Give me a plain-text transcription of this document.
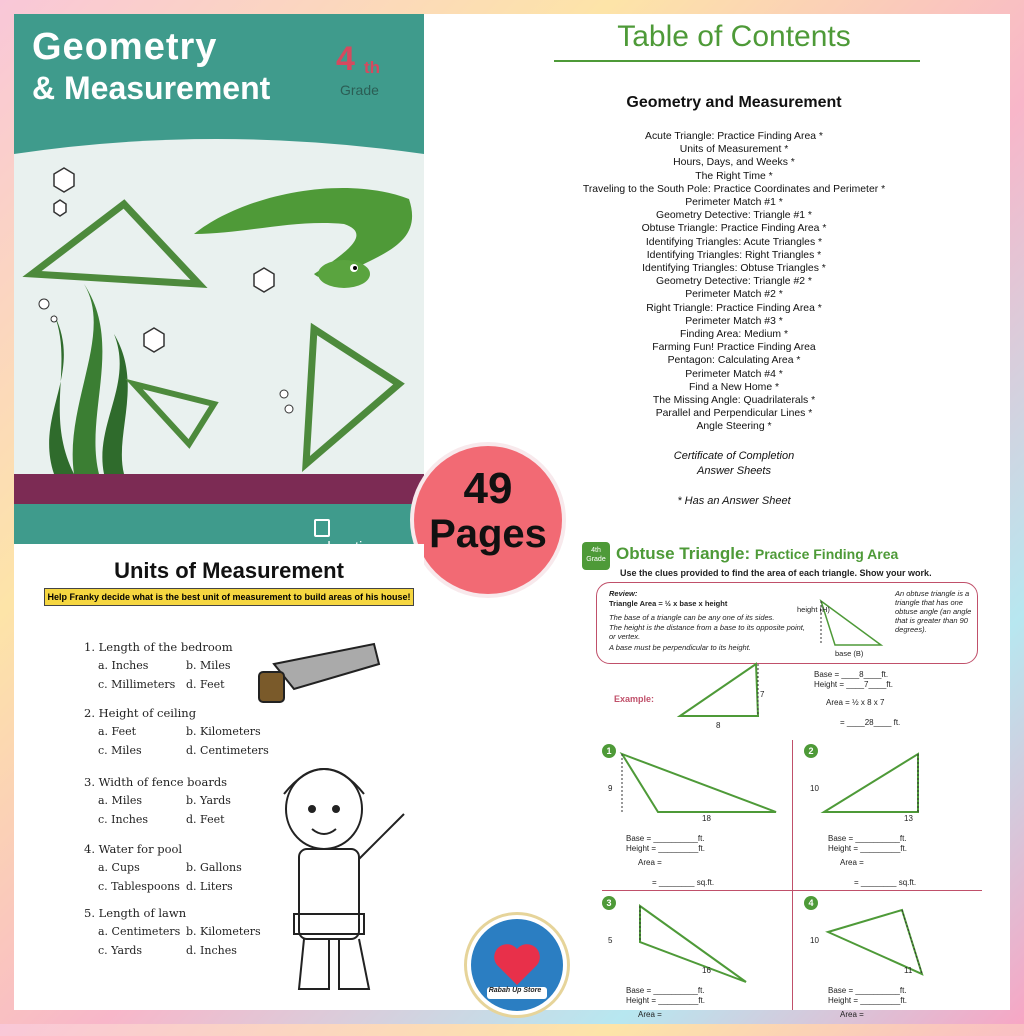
Geometry
& Measurement
4 th
Grade
Table of Contents
Geometry and Measurement
Acute Triangle: Practice Finding Area *
Units of Measurement *
Hours, Days, and Weeks *
The Right Time *
Traveling to the South Pole: Practice Coordinates and Perimeter *
Perimeter Match #1 *
Geometry Detective: Triangle #1 *
Obtuse Triangle: Practice Finding Area *
Identifying Triangles: Acute Triangles *
Identifying Triangles: Right Triangles *
Identifying Triangles: Obtuse Triangles *
Geometry Detective: Triangle #2 *
Perimeter Match #2 *
Right Triangle: Practice Finding Area *
Perimeter Match #3 *
Finding Area: Medium *
Farming Fun! Practice Finding Area
Pentagon: Calculating Area *
Perimeter Match #4 *
Find a New Home *
The Missing Angle: Quadrilaterals *
Parallel and Perpendicular Lines *
Angle Steering *
Certificate of Completion
Answer Sheets
* Has an Answer Sheet
49
Pages
Units of Measurement
Help Franky decide what is the best unit of measurement to build areas of his house!
1. Length of the bedroom
a. Inches	b. Miles
c. Millimeters d. Feet
2. Height of ceiling
a. Feet	b. Kilometers
c. Miles	d. Centimeters
3. Width of fence boards
a. Miles	b. Yards
c. Inches	d. Feet
4. Water for pool
a. Cups	b. Gallons
c. Tablespoons d. Liters
5. Length of lawn
a. Centimeters b. Kilometers
c. Yards	d. Inches
4th Grade Obtuse Triangle: Practice Finding Area
Use the clues provided to find the area of each triangle. Show your work.
Review:
Triangle Area = ½ x base x height
The base of a triangle can be any one of its sides.
The height is the distance from a base to its opposite point, or vertex.
A base must be perpendicular to its height.
height (H)
base (B)
An obtuse triangle is a triangle that has one obtuse angle (an angle that is greater than 90 degrees).
Example:
8
7
Base = ____8____ft.
Height = ____7____ft.
Area = ½ x 8 x 7
= ____28____ ft.
1
9
18
Base = __________ft.
Height = _________ft.
Area =
= ________ sq.ft.
2
10
13
Base = __________ft.
Height = _________ft.
Area =
= ________ sq.ft.
3
5
16
Base = __________ft.
Height = _________ft.
Area =
4
10
11
Base = __________ft.
Height = _________ft.
Area =
Rabah Up Store
